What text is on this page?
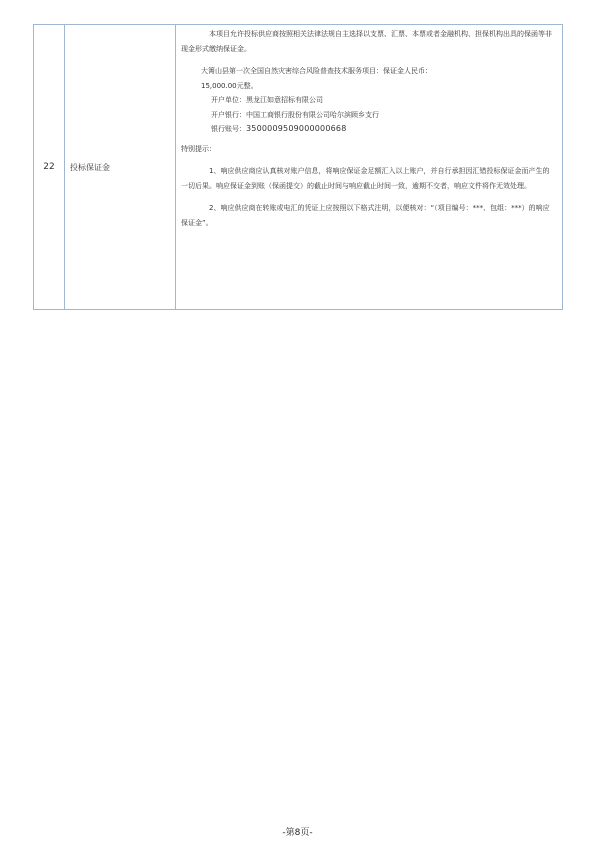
22	投标保证金	

本项目允许投标供应商按照相关法律法规自主选择以支票、汇票、本票或者金融机构、担保机构出具的保函等非现金形式缴纳保证金。

大箐山县第一次全国自然灾害综合风险普查技术服务项目：保证金人民币：

15,000.00元整。

开户单位：黑龙江如意招标有限公司

开户银行：中国工商银行股份有限公司哈尔滨顾乡支行

银行账号：3500009509000000668

特别提示：

1、响应供应商应认真核对账户信息，将响应保证金足额汇入以上账户，并自行承担因汇错投标保证金而产生的一切后果。响应保证金到账（保函提交）的截止时间与响应截止时间一致，逾期不交者，响应文件将作无效处理。

2、响应供应商在转账或电汇的凭证上应按照以下格式注明，以便核对：“（项目编号：***、包组：***）的响应保证金”。

-第8页-
